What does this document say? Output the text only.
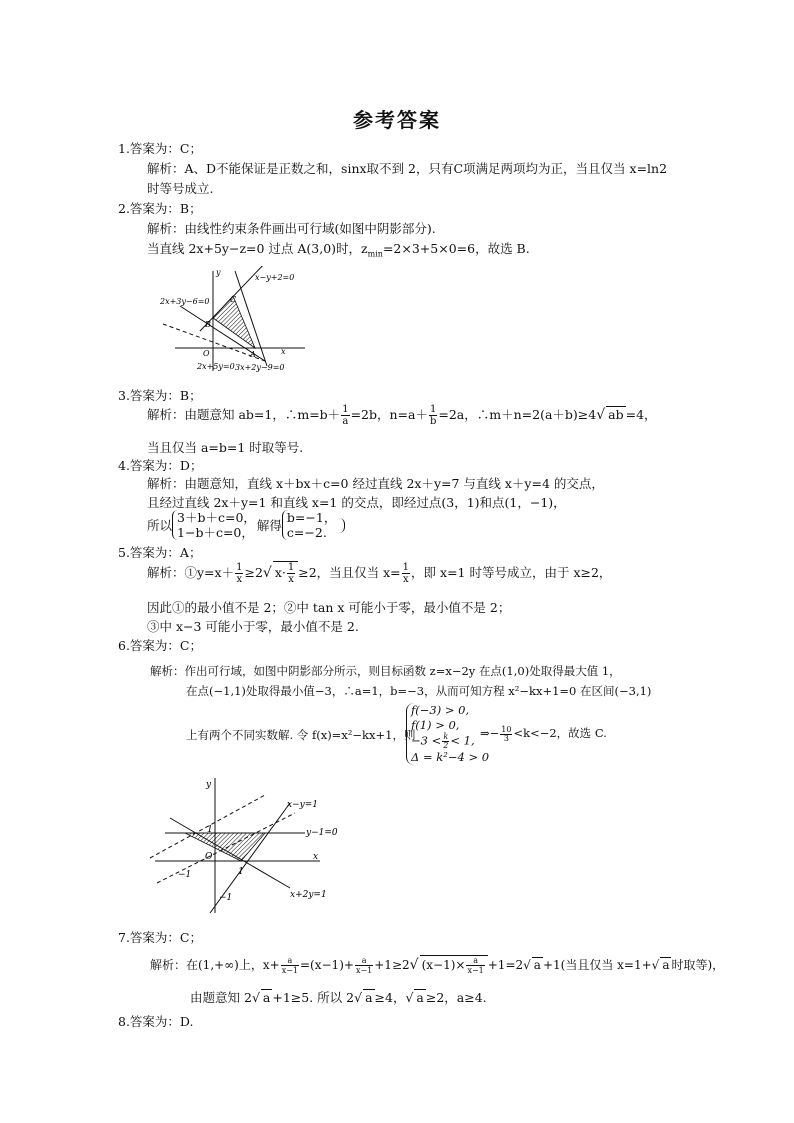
参考答案
1.答案为：C；
解析：A、D不能保证是正数之和，sinx取不到 2，只有C项满足两项均为正，当且仅当 x=ln2
时等号成立.
2.答案为：B；
解析：由线性约束条件画出可行域(如图中阴影部分).
当直线 2x+5y−z=0 过点 A(3,0)时，$z_{min}=2\times 3+5\times 0=6$，故选 B.
x−y+2=0
2x+3y−6=0
2x+5y=0 3x+2y−9=0
C
B
O	A	x
y
3.答案为：B；
解析：由题意知 ab=1，∴m=b＋ $\frac{1}{a} =2b$，$n=a+ \frac{1}{b} =2a$，∴m＋n=2(a＋b)≥4√ ab =4，
当且仅当 a=b=1 时取等号.
4.答案为：D；
解析：由题意知，直线 x＋bx＋c=0 经过直线 2x＋y=7 与直线 x＋y=4 的交点，
且经过直线 2x＋y=1 和直线 x=1 的交点，即经过点(3，1)和点(1，−1)，
所以
3＋b＋c=0，
1−b＋c=0， 解得
b=−1，
c=−2.

5.答案为：A；
解析：①y=x＋ $\frac{1}{x} \ge 2√$ $x\cdot \frac{1}{x} \ge 2$，当且仅当 $x= \frac{1}{x}$ ，即 x=1 时等号成立，由于 x≥2，
因此①的最小值不是 2；②中 tan x 可能小于零，最小值不是 2；
③中 x−3 可能小于零，最小值不是 2.
6.答案为：C；
解析：作出可行域，如图中阴影部分所示，则目标函数 z=x−2y 在点(1,0)处取得最大值 1，
在点(−1,1)处取得最小值−3，∴a=1，b=−3，从而可知方程 x²−kx+1=0 在区间(−3,1)
上有两个不同实数解. 令 f(x)=x²−kx+1，则
f(−3) > 0,
f(1) > 0,
$-3 < \frac{k}{2} < 1$,
Δ = k²−4 > 0
⇒− $\frac{10}{3} <k<-2$，故选 C.
x−y=1
y−1=0
x+2y=1
1
−1
O	x
y
1
−1
7.答案为：C；
解析：在(1,+∞)上，$x+ \frac{a}{x-1} =(x-1)+ \frac{a}{x-1} +1\ge 2√$ $(x-1)\times \frac{a}{x-1} +1=2√$ a +1(当且仅当 x=1+√ a 时取等)，
由题意知 2√ a +1≥5. 所以 2√ a ≥4，√ a ≥2，a≥4.
8.答案为：D.
